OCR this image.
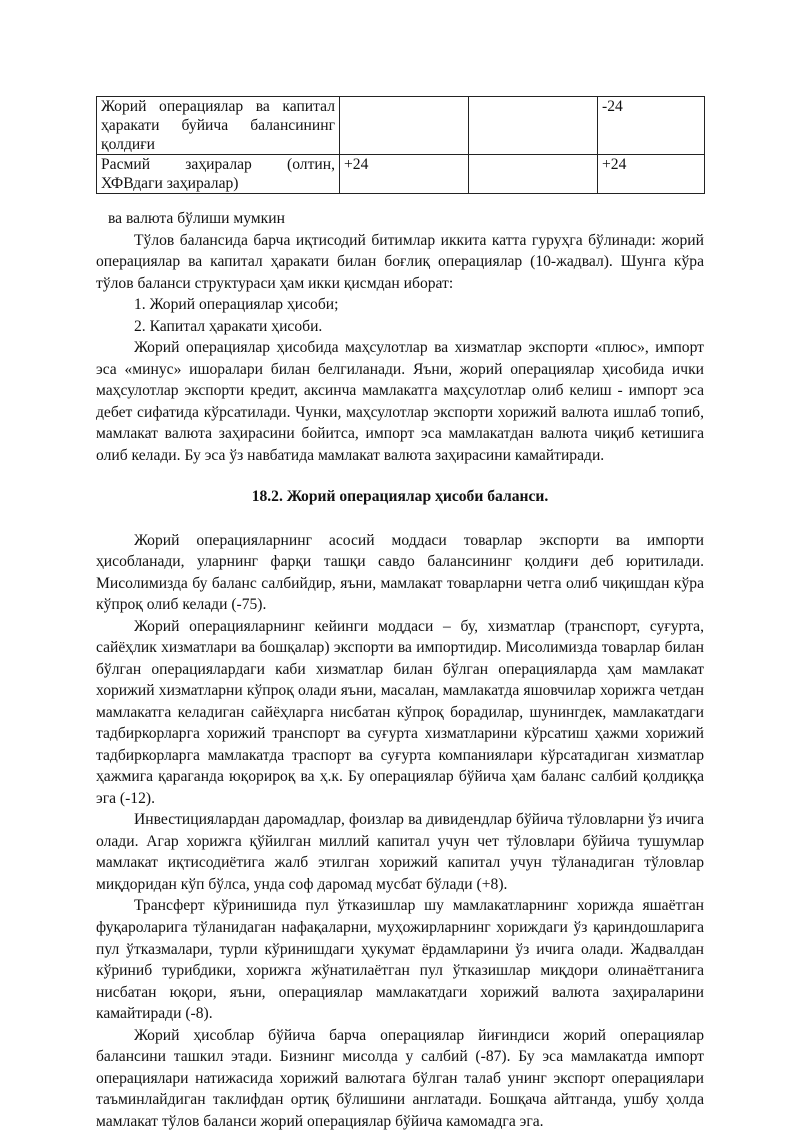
Жорий операциялар ва капитал
ҳаракати буйича балансининг
қолдиғи			-24

Расмий заҳиралар (олтин,
ХФВдаги заҳиралар)	+24		+24

ва валюта бўлиши мумкин

Тўлов балансида барча иқтисодий битимлар иккита катта гуруҳга бўлинади: жорий операциялар ва капитал ҳаракати билан боғлиқ операциялар (10-жадвал). Шунга кўра тўлов баланси структураси ҳам икки қисмдан иборат:

1. Жорий операциялар ҳисоби;

2. Капитал ҳаракати ҳисоби.

Жорий операциялар ҳисобида маҳсулотлар ва хизматлар экспорти «плюс», импорт эса «минус» ишоралари билан белгиланади. Яъни, жорий операциялар ҳисобида ички маҳсулотлар экспорти кредит, аксинча мамлакатга маҳсулотлар олиб келиш - импорт эса дебет сифатида кўрсатилади. Чунки, маҳсулотлар экспорти хорижий валюта ишлаб топиб, мамлакат валюта заҳирасини бойитса, импорт эса мамлакатдан валюта чиқиб кетишига олиб келади. Бу эса ўз навбатида мамлакат валюта заҳирасини камайтиради.

18.2. Жорий операциялар ҳисоби баланси.

Жорий операцияларнинг асосий моддаси товарлар экспорти ва импорти ҳисобланади, уларнинг фарқи ташқи савдо балансининг қолдиғи деб юритилади. Мисолимизда бу баланс салбийдир, яъни, мамлакат товарларни четга олиб чиқишдан кўра кўпроқ олиб келади (-75).

Жорий операцияларнинг кейинги моддаси – бу, хизматлар (транспорт, суғурта, сайёҳлик хизматлари ва бошқалар) экспорти ва импортидир. Мисолимизда товарлар билан бўлган операциялардаги каби хизматлар билан бўлган операцияларда ҳам мамлакат хорижий хизматларни кўпроқ олади яъни, масалан, мамлакатда яшовчилар хорижга четдан мамлакатга келадиган сайёҳларга нисбатан кўпроқ борадилар, шунингдек, мамлакатдаги тадбиркорларга хорижий транспорт ва суғурта хизматларини кўрсатиш ҳажми хорижий тадбиркорларга мамлакатда траспорт ва суғурта компаниялари кўрсатадиган хизматлар ҳажмига қараганда юқорироқ ва ҳ.к. Бу операциялар бўйича ҳам баланс салбий қолдиққа эга (-12).

Инвестициялардан даромадлар, фоизлар ва дивидендлар бўйича тўловларни ўз ичига олади. Агар хорижга қўйилган миллий капитал учун чет тўловлари бўйича тушумлар мамлакат иқтисодиётига жалб этилган хорижий капитал учун тўланадиган тўловлар миқдоридан кўп бўлса, унда соф даромад мусбат бўлади (+8).

Трансферт кўринишида пул ўтказишлар шу мамлакатларнинг хорижда яшаётган фуқароларига тўланидаган нафақаларни, муҳожирларнинг хориждаги ўз қариндошларига пул ўтказмалари, турли кўринишдаги ҳукумат ёрдамларини ўз ичига олади. Жадвалдан кўриниб турибдики, хорижга жўнатилаётган пул ўтказишлар миқдори олинаётганига нисбатан юқори, яъни, операциялар мамлакатдаги хорижий валюта заҳираларини камайтиради (-8).

Жорий ҳисоблар бўйича барча операциялар йиғиндиси жорий операциялар балансини ташкил этади. Бизнинг мисолда у салбий (-87). Бу эса мамлакатда импорт операциялари натижасида хорижий валютага бўлган талаб унинг экспорт операциялари таъминлайдиган таклифдан ортиқ бўлишини англатади. Бошқача айтганда, ушбу ҳолда мамлакат тўлов баланси жорий операциялар бўйича камомадга эга.
